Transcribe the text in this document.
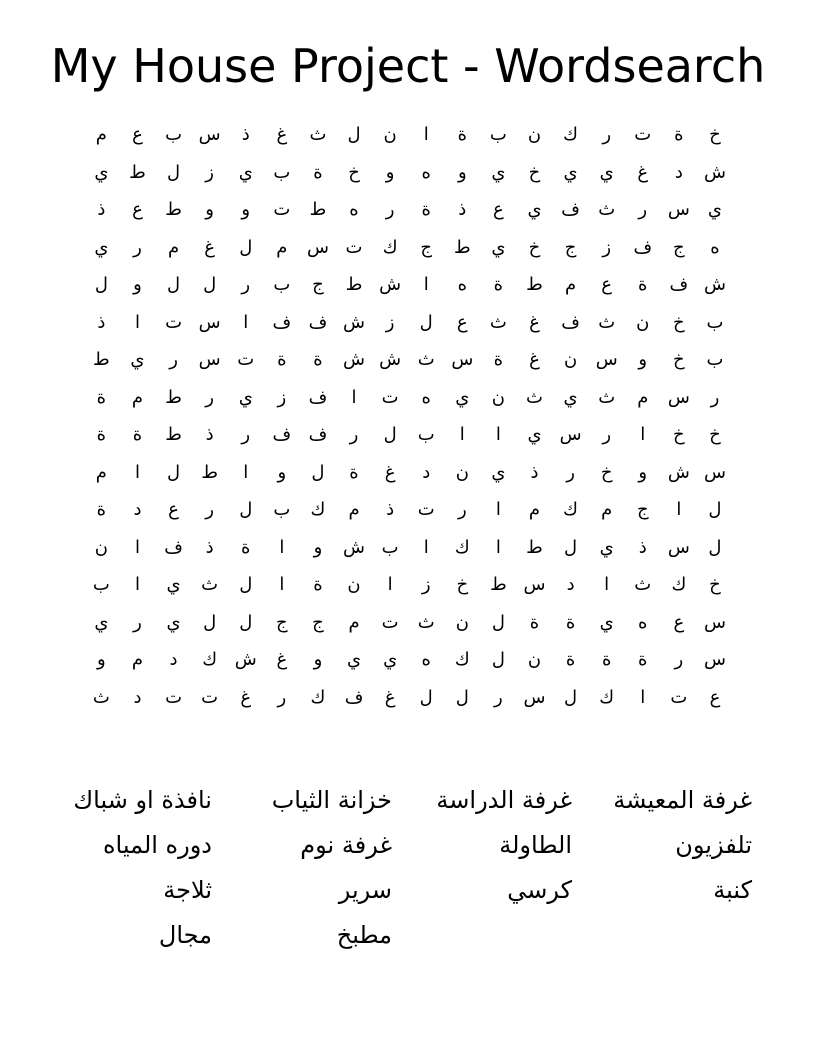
My House Project - Wordsearch
خ
ة
ت
ر
ك
ن
ب
ة
ا
ن
ل
ث
غ
ذ
س
ب
ع
م
ش
د
غ
ي
ي
خ
ي
و
ه
و
خ
ة
ب
ي
ز
ل
ط
ي
ي
س
ر
ث
ف
ي
ع
ذ
ة
ر
ه
ط
ت
و
و
ط
ع
ذ
ه
ج
ف
ز
ج
خ
ي
ط
ج
ك
ت
س
م
ل
غ
م
ر
ي
ش
ف
ة
ع
م
ط
ة
ه
ا
ش
ط
ج
ب
ر
ل
ل
و
ل
ب
خ
ن
ث
ف
غ
ث
ع
ل
ز
ش
ف
ف
ا
س
ت
ا
ذ
ب
خ
و
س
ن
غ
ة
س
ث
ش
ش
ة
ة
ت
س
ر
ي
ط
ر
س
م
ث
ي
ث
ن
ي
ه
ت
ا
ف
ز
ي
ر
ط
م
ة
خ
خ
ا
ر
س
ي
ا
ا
ب
ل
ر
ف
ف
ر
ذ
ط
ة
ة
س
ش
و
خ
ر
ذ
ي
ن
د
غ
ة
ل
و
ا
ط
ل
ا
م
ل
ا
ج
م
ك
م
ا
ر
ت
ذ
م
ك
ب
ل
ر
ع
د
ة
ل
س
ذ
ي
ل
ط
ا
ك
ا
ب
ش
و
ا
ة
ذ
ف
ا
ن
خ
ك
ث
ا
د
س
ط
خ
ز
ا
ن
ة
ا
ل
ث
ي
ا
ب
س
ع
ه
ي
ة
ة
ل
ن
ث
ت
م
ج
ج
ل
ل
ي
ر
ي
س
ر
ة
ة
ة
ن
ل
ك
ه
ي
ي
و
غ
ش
ك
د
م
و
ع
ت
ا
ك
ل
س
ر
ل
ل
غ
ف
ك
ر
غ
ت
ت
د
ث
غرفة المعيشة
غرفة الدراسة
خزانة الثياب
نافذة او شباك
تلفزيون
الطاولة
غرفة نوم
دوره المياه
كنبة
كرسي
سرير
ثلاجة
مطبخ
مجال
